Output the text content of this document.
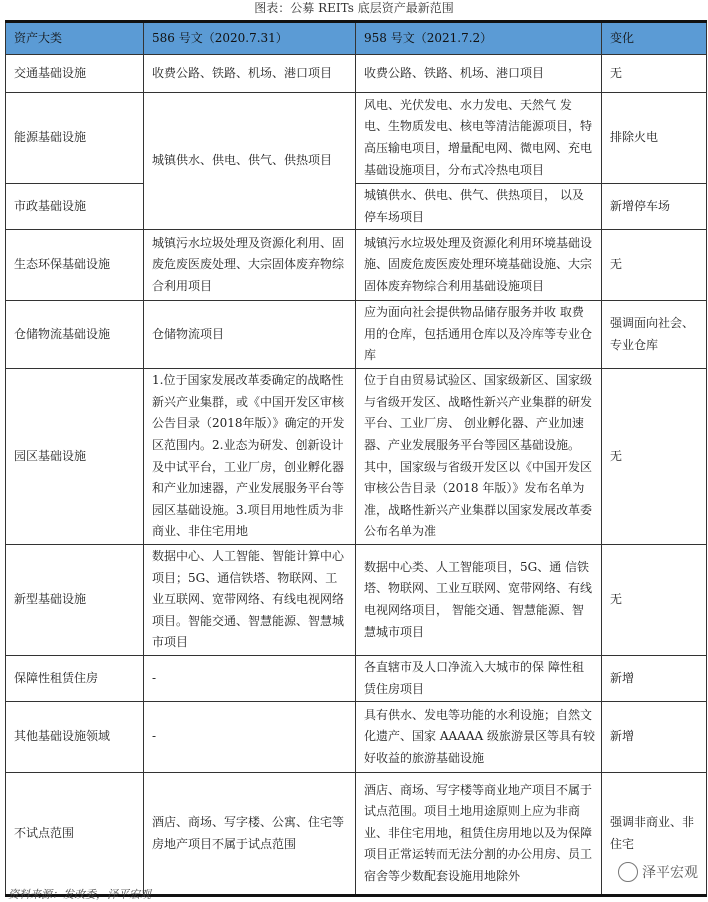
图表：公募 REITs 底层资产最新范围
资产大类	586 号文（2020.7.31）	958 号文（2021.7.2）	变化
交通基础设施	收费公路、铁路、机场、港口项目	收费公路、铁路、机场、港口项目	无
能源基础设施	城镇供水、供电、供气、供热项目	风电、光伏发电、水力发电、天然气 发电、生物质发电、核电等清洁能源项目，特高压输电项目，增量配电网、微电网、充电基础设施项目，分布式冷热电项目	排除火电
市政基础设施		城镇供水、供电、供气、供热项目， 以及停车场项目	新增停车场
生态环保基础设施	城镇污水垃圾处理及资源化利用、固废危废医废处理、大宗固体废弃物综合利用项目	城镇污水垃圾处理及资源化利用环境基础设施、固废危废医废处理环境基础设施、大宗固体废弃物综合利用基础设施项目	无
仓储物流基础设施	仓储物流项目	应为面向社会提供物品储存服务并收 取费用的仓库，包括通用仓库以及冷库等专业仓库	强调面向社会、专业仓库
园区基础设施	1.位于国家发展改革委确定的战略性新兴产业集群，或《中国开发区审核公告目录（2018年版）》确定的开发区范围内。2.业态为研发、创新设计及中试平台，工业厂房，创业孵化器和产业加速器，产业发展服务平台等园区基础设施。3.项目用地性质为非商业、非住宅用地	位于自由贸易试验区、国家级新区、国家级与省级开发区、战略性新兴产业集群的研发平台、工业厂房、 创业孵化器、产业加速器、产业发展服务平台等园区基础设施。 其中，国家级与省级开发区以《中国开发区审核公告目录（2018 年版）》发布名单为准，战略性新兴产业集群以国家发展改革委 公布名单为准	无
新型基础设施	数据中心、人工智能、智能计算中心项目；5G、通信铁塔、物联网、工业互联网、宽带网络、有线电视网络项目。智能交通、智慧能源、智慧城市项目	数据中心类、人工智能项目，5G、通 信铁塔、物联网、工业互联网、宽带网络、有线电视网络项目， 智能交通、智慧能源、智慧城市项目	无
保障性租赁住房	-	各直辖市及人口净流入大城市的保 障性租赁住房项目	新增
其他基础设施领域	-	具有供水、发电等功能的水利设施；自然文化遗产、国家 AAAAA 级旅游景区等具有较好收益的旅游基础设施	新增
不试点范围	酒店、商场、写字楼、公寓、住宅等房地产项目不属于试点范围	酒店、商场、写字楼等商业地产项目不属于试点范围。项目土地用途原则上应为非商业、非住宅用地，租赁住房用地以及为保障项目正常运转而无法分割的办公用房、员工宿舍等少数配套设施用地除外	强调非商业、非住宅
泽平宏观
资料来源：发改委，泽平宏观
